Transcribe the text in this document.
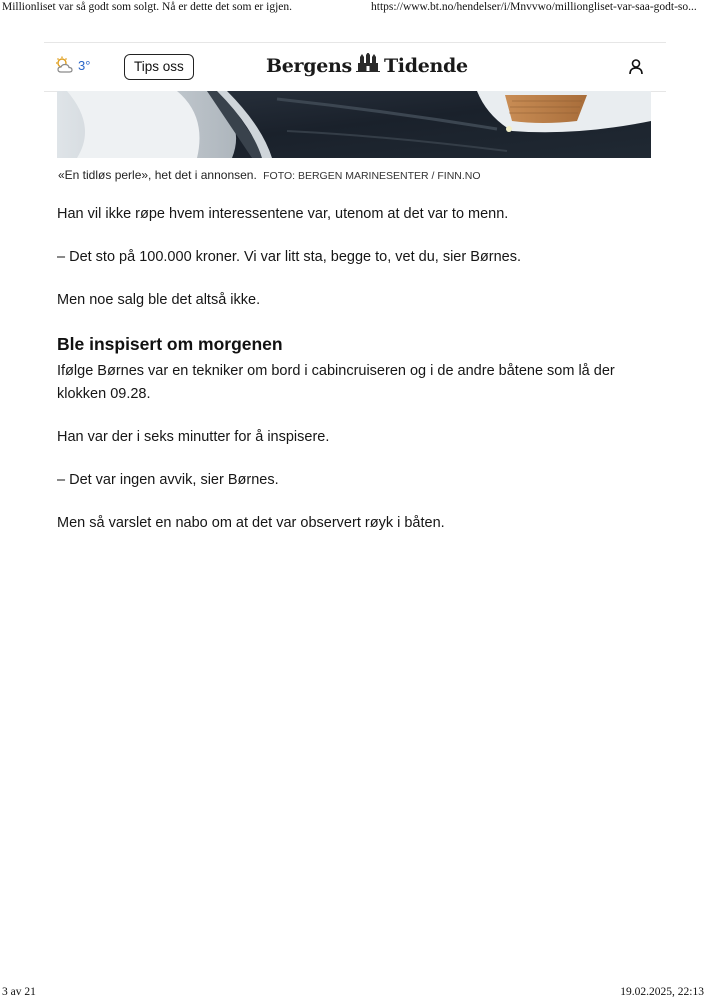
Millionliset var så godt som solgt. Nå er dette det som er igjen.	https://www.bt.no/hendelser/i/Mnvvwo/milliongliset-var-saa-godt-so...
3°	Tips oss	Bergens Tidende
«En tidløs perle», het det i annonsen. FOTO: BERGEN MARINESENTER / FINN.NO

Han vil ikke røpe hvem interessentene var, utenom at det var to menn.

– Det sto på 100.000 kroner. Vi var litt sta, begge to, vet du, sier Børnes.

Men noe salg ble det altså ikke.

Ble inspisert om morgenen

Ifølge Børnes var en tekniker om bord i cabincruiseren og i de andre båtene som lå der klokken 09.28.

Han var der i seks minutter for å inspisere.

– Det var ingen avvik, sier Børnes.

Men så varslet en nabo om at det var observert røyk i båten.

3 av 21	19.02.2025, 22:13
